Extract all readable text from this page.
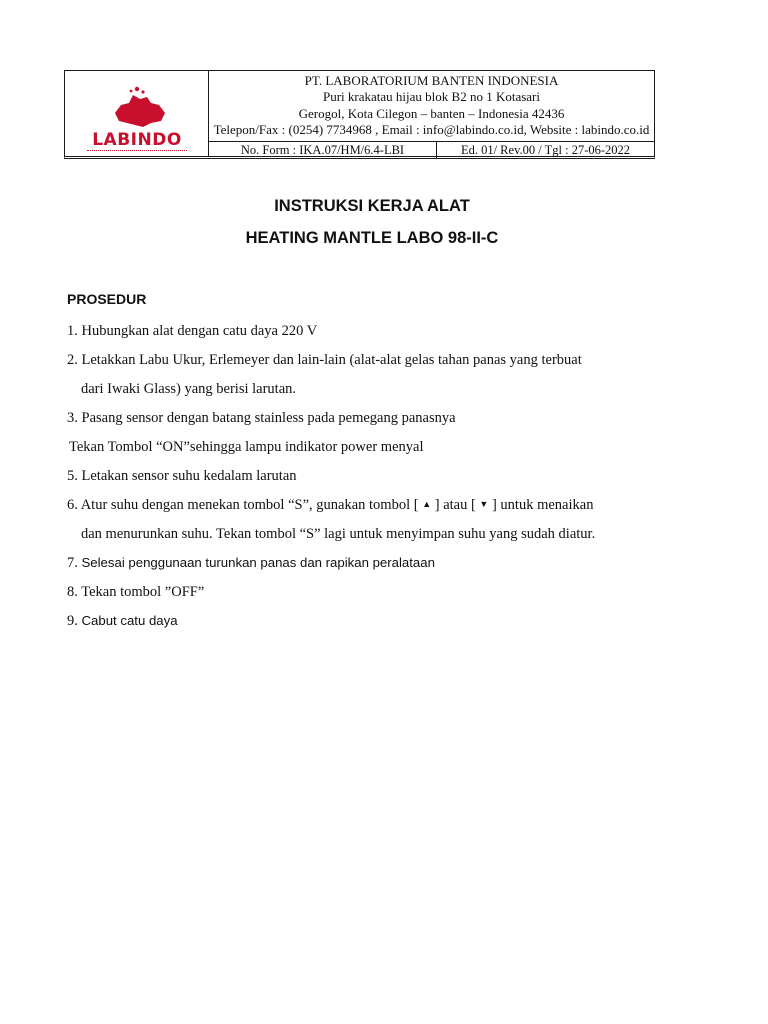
LABINDO
PT. LABORATORIUM BANTEN INDONESIA
Puri krakatau hijau blok B2 no 1 Kotasari
Gerogol, Kota Cilegon – banten – Indonesia 42436
Telepon/Fax : (0254) 7734968 , Email : info@labindo.co.id, Website : labindo.co.id
No. Form : IKA.07/HM/6.4-LBI	Ed. 01/ Rev.00 / Tgl : 27-06-2022
INSTRUKSI KERJA ALAT
HEATING MANTLE LABO 98-II-C
PROSEDUR
1. Hubungkan alat dengan catu daya 220 V
2. Letakkan Labu Ukur, Erlemeyer dan lain-lain (alat-alat gelas tahan panas yang terbuat
dari Iwaki Glass) yang berisi larutan.
3. Pasang sensor dengan batang stainless pada pemegang panasnya
Tekan Tombol “ON”sehingga lampu indikator power menyal
5. Letakan sensor suhu kedalam larutan
6. Atur suhu dengan menekan tombol “S”, gunakan tombol [ ▲ ] atau [ ▼ ] untuk menaikan
dan menurunkan suhu. Tekan tombol “S” lagi untuk menyimpan suhu yang sudah diatur.
7. Selesai penggunaan turunkan panas dan rapikan peralataan
8. Tekan tombol ”OFF”
9. Cabut catu daya
